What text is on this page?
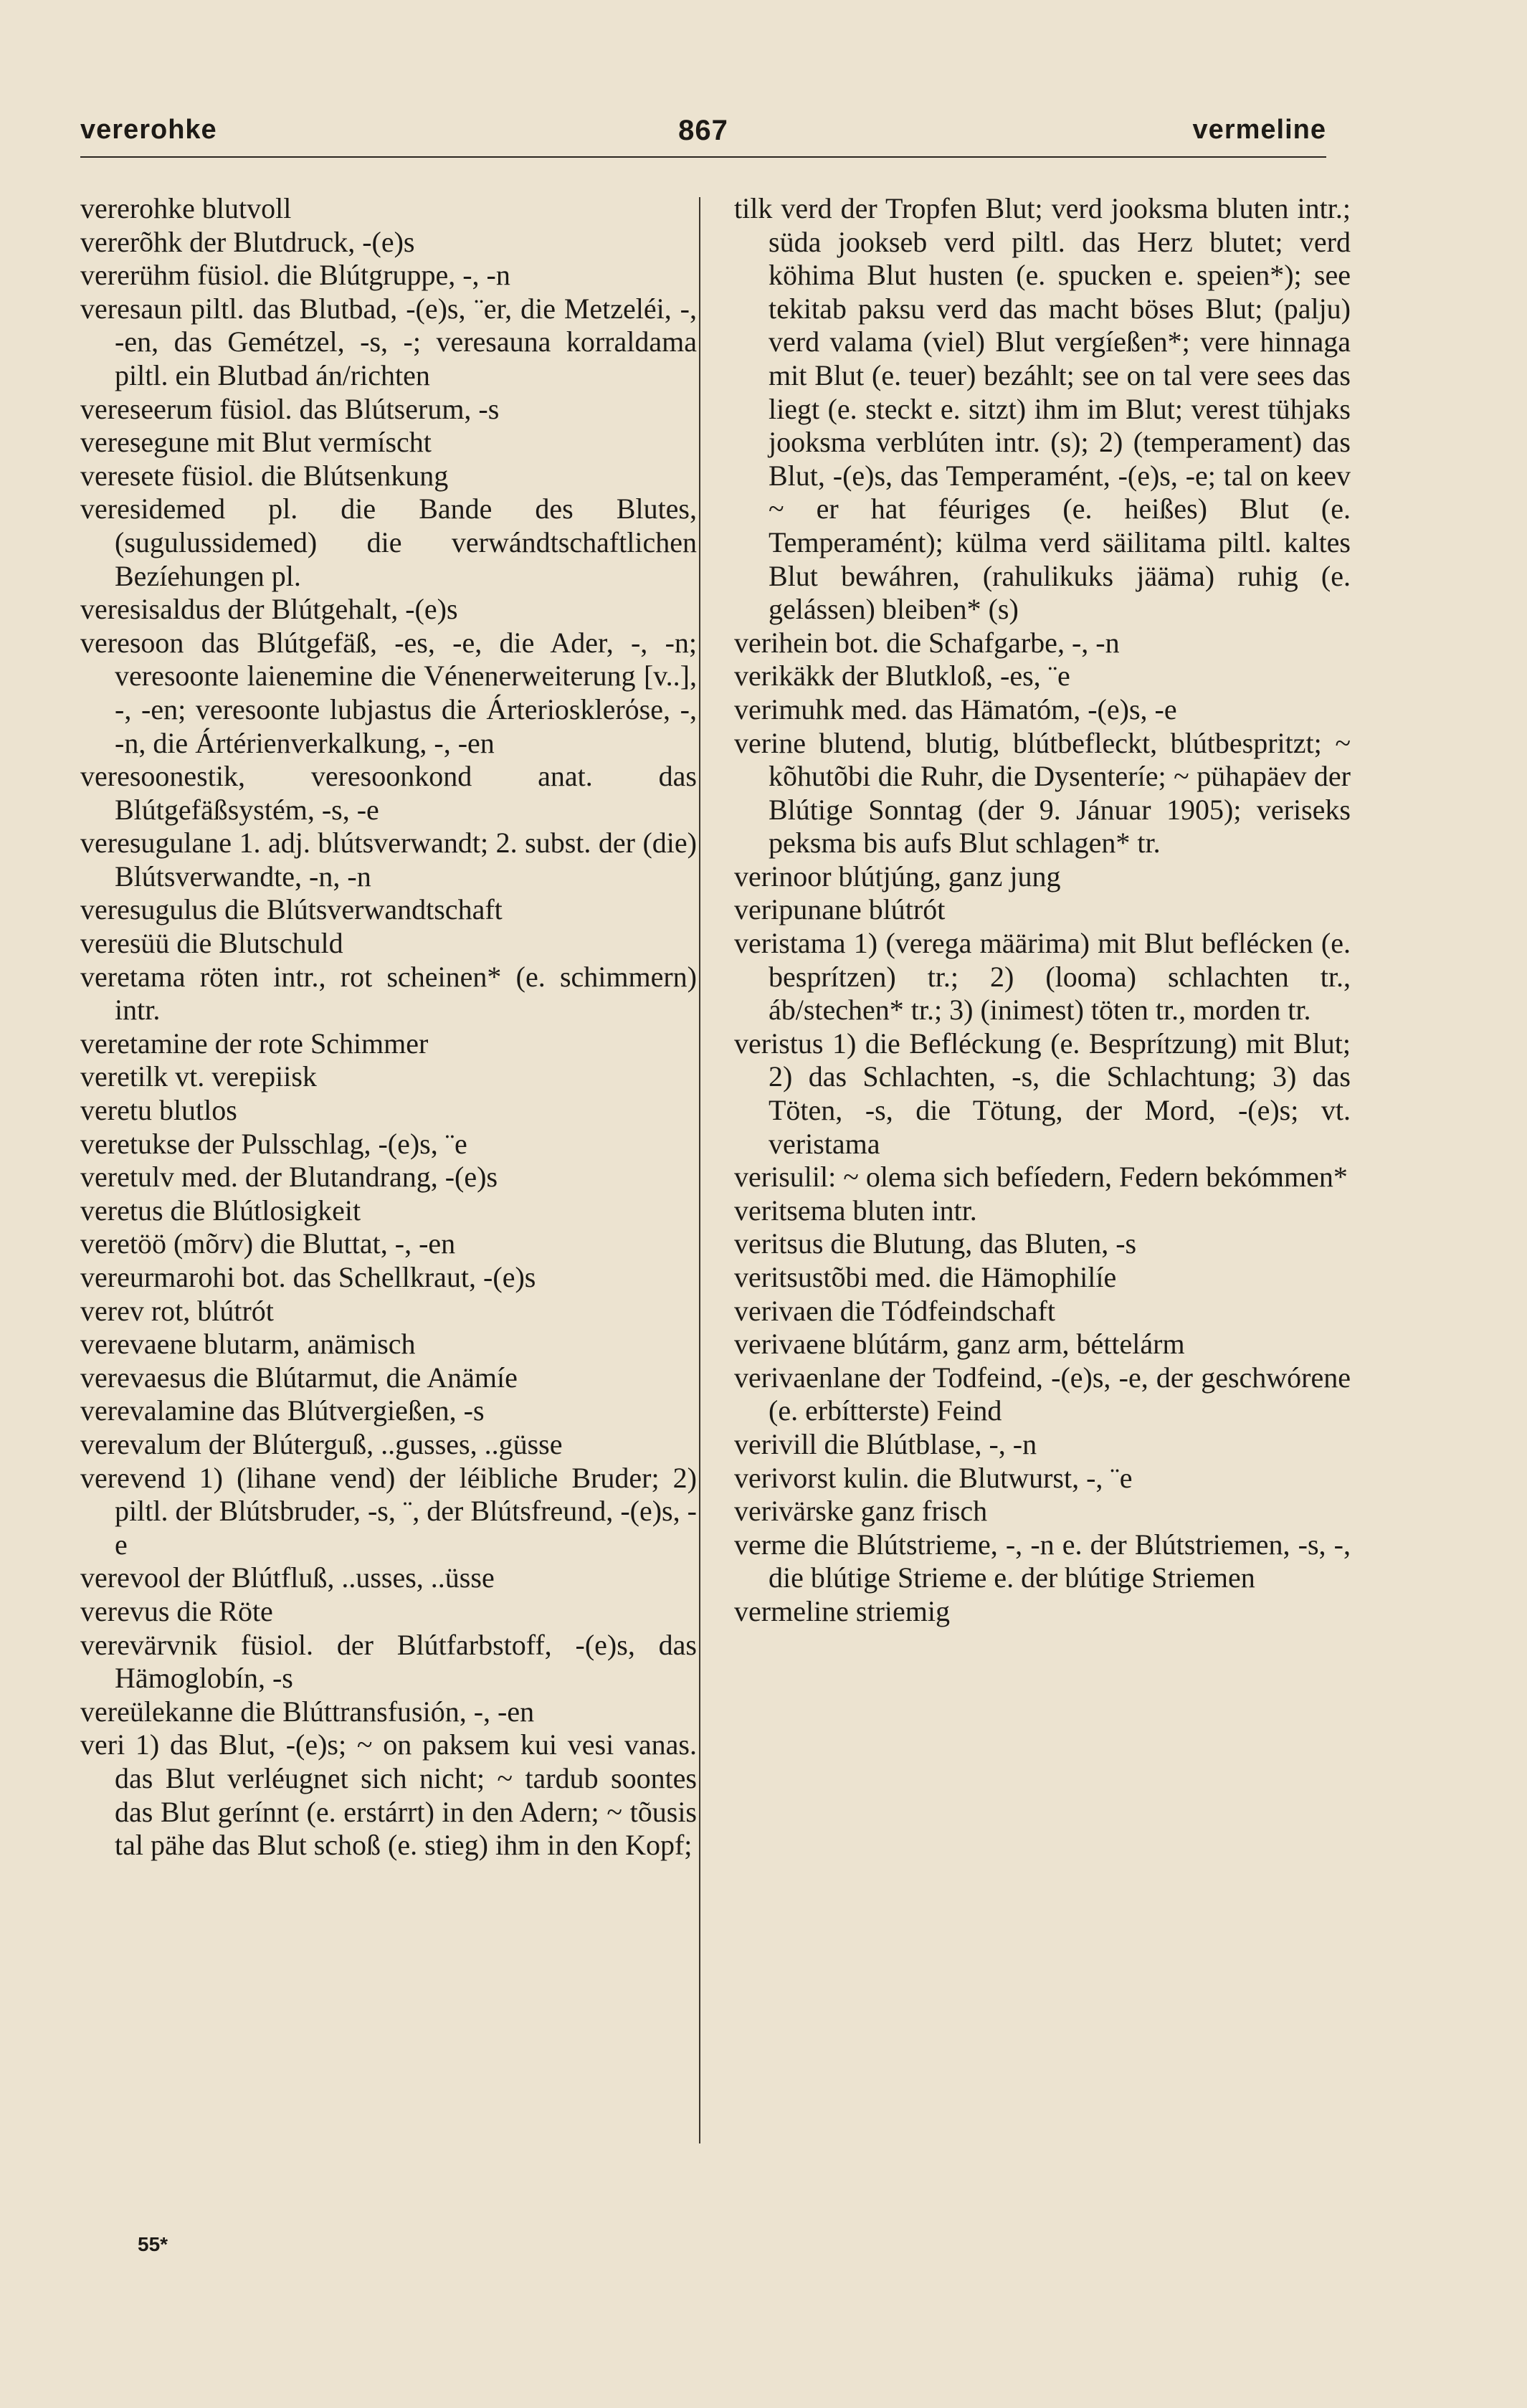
vererohke	867	vermeline

vererohke blutvoll

vererõhk der Blutdruck, -(e)s

vererühm füsiol. die Blútgruppe, -, -n

veresaun piltl. das Blutbad, -(e)s, ¨er, die Metzeléi, -, -en, das Gemétzel, -s, -; veresauna korraldama piltl. ein Blutbad án/richten

vereseerum füsiol. das Blútserum, -s

veresegune mit Blut vermíscht

veresete füsiol. die Blútsenkung

veresidemed pl. die Bande des Blutes, (sugulussidemed) die verwándtschaftlichen Bezíehungen pl.

veresisaldus der Blútgehalt, -(e)s

veresoon das Blútgefäß, -es, -e, die Ader, -, -n; veresoonte laienemine die Vénenerweiterung [v..], -, -en; veresoonte lubjastus die Árteriosklerόse, -, -n, die Ártérienverkalkung, -, -en

veresoonestik, veresoonkond anat. das Blútgefäßsystém, -s, -e

veresugulane 1. adj. blútsverwandt; 2. subst. der (die) Blútsverwandte, -n, -n

veresugulus die Blútsverwandtschaft

veresüü die Blutschuld

veretama röten intr., rot scheinen* (e. schimmern) intr.

veretamine der rote Schimmer

veretilk vt. verepiisk

veretu blutlos

veretukse der Pulsschlag, -(e)s, ¨e

veretulv med. der Blutandrang, -(e)s

veretus die Blútlosigkeit

veretöö (mõrv) die Bluttat, -, -en

vereurmarohi bot. das Schellkraut, -(e)s

verev rot, blútrót

verevaene blutarm, anämisch

verevaesus die Blútarmut, die Anämíe

verevalamine das Blútvergießen, -s

verevalum der Blúterguß, ..gusses, ..güsse

verevend 1) (lihane vend) der léibliche Bruder; 2) piltl. der Blútsbruder, -s, ¨, der Blútsfreund, -(e)s, -e

verevool der Blútfluß, ..usses, ..üsse

verevus die Röte

verevärvnik füsiol. der Blútfarbstoff, -(e)s, das Hämoglobín, -s

vereülekanne die Blúttransfusión, -, -en

veri 1) das Blut, -(e)s; ~ on paksem kui vesi vanas. das Blut verléugnet sich nicht; ~ tardub soontes das Blut gerínnt (e. erstárrt) in den Adern; ~ tõusis tal pähe das Blut schoß (e. stieg) ihm in den Kopf;

tilk verd der Tropfen Blut; verd jooksma bluten intr.; süda jookseb verd piltl. das Herz blutet; verd köhima Blut husten (e. spucken e. speien*); see tekitab paksu verd das macht böses Blut; (palju) verd valama (viel) Blut vergíeßen*; vere hinnaga mit Blut (e. teuer) bezáhlt; see on tal vere sees das liegt (e. steckt e. sitzt) ihm im Blut; verest tühjaks jooksma verblúten intr. (s); 2) (temperament) das Blut, -(e)s, das Temperamént, -(e)s, -e; tal on keev ~ er hat féuriges (e. heißes) Blut (e. Temperamént); külma verd säilitama piltl. kaltes Blut bewáhren, (rahulikuks jääma) ruhig (e. gelássen) bleiben* (s)

verihein bot. die Schafgarbe, -, -n

verikäkk der Blutkloß, -es, ¨e

verimuhk med. das Hämatóm, -(e)s, -e

verine blutend, blutig, blútbefleckt, blútbespritzt; ~ kõhutõbi die Ruhr, die Dysenteríe; ~ pühapäev der Blútige Sonntag (der 9. Jánuar 1905); veriseks peksma bis aufs Blut schlagen* tr.

verinoor blútjúng, ganz jung

veripunane blútrót

veristama 1) (verega määrima) mit Blut beflécken (e. besprítzen) tr.; 2) (looma) schlachten tr., áb/stechen* tr.; 3) (inimest) töten tr., morden tr.

veristus 1) die Befléckung (e. Besprítzung) mit Blut; 2) das Schlachten, -s, die Schlachtung; 3) das Töten, -s, die Tötung, der Mord, -(e)s; vt. veristama

verisulil: ~ olema sich befíedern, Federn bekómmen*

veritsema bluten intr.

veritsus die Blutung, das Bluten, -s

veritsustõbi med. die Hämophilíe

verivaen die Tódfeindschaft

verivaene blútárm, ganz arm, béttelárm

verivaenlane der Todfeind, -(e)s, -e, der geschwórene (e. erbítterste) Feind

verivill die Blútblase, -, -n

verivorst kulin. die Blutwurst, -, ¨e

verivärske ganz frisch

verme die Blútstrieme, -, -n e. der Blútstriemen, -s, -, die blútige Strieme e. der blútige Striemen

vermeline striemig

55*
